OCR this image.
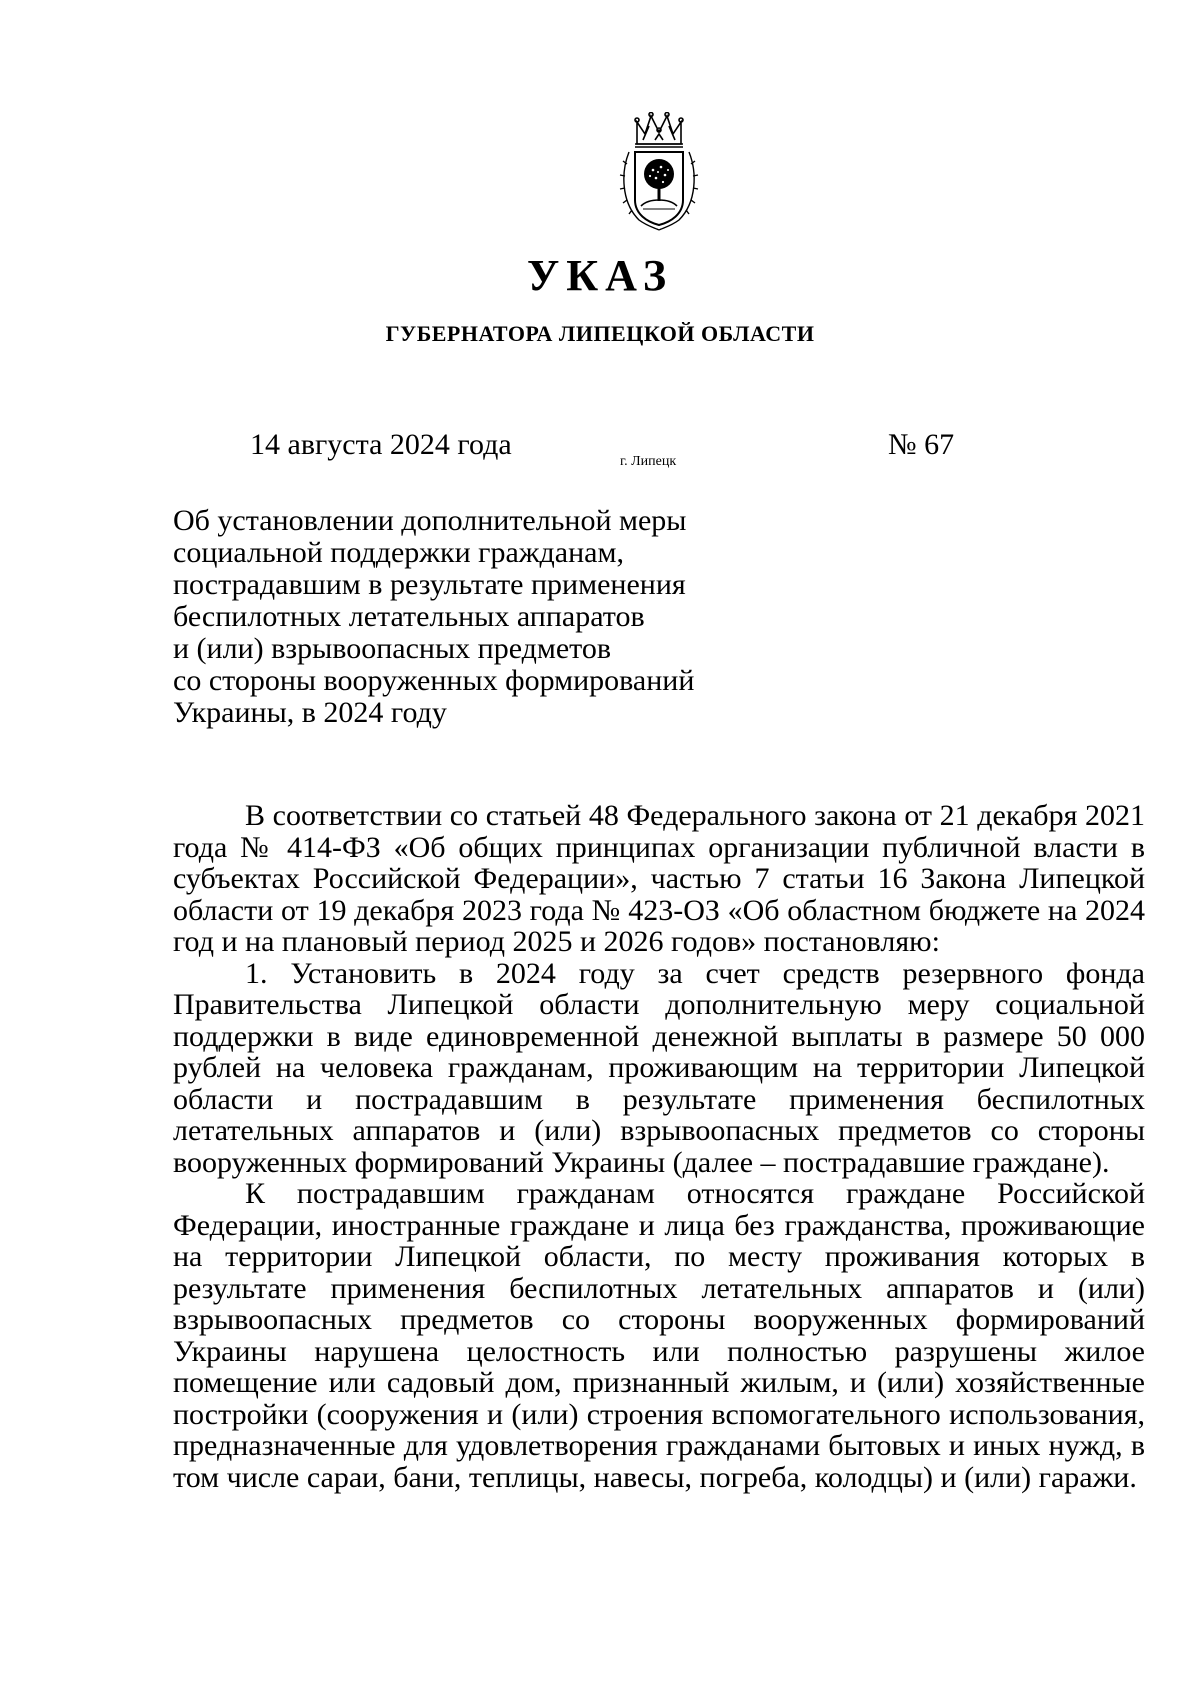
УКАЗ
ГУБЕРНАТОРА ЛИПЕЦКОЙ ОБЛАСТИ
14 августа 2024 года
г. Липецк
№ 67
Об установлении дополнительной меры
социальной поддержки гражданам,
пострадавшим в результате применения
беспилотных летательных аппаратов
и (или) взрывоопасных предметов
со стороны вооруженных формирований
Украины, в 2024 году

В соответствии со статьей 48 Федерального закона от 21 декабря 2021 года № 414-ФЗ «Об общих принципах организации публичной власти в субъектах Российской Федерации», частью 7 статьи 16 Закона Липецкой области от 19 декабря 2023 года № 423-ОЗ «Об областном бюджете на 2024 год и на плановый период 2025 и 2026 годов» постановляю:

1. Установить в 2024 году за счет средств резервного фонда Правительства Липецкой области дополнительную меру социальной поддержки в виде единовременной денежной выплаты в размере 50 000 рублей на человека гражданам, проживающим на территории Липецкой области и пострадавшим в результате применения беспилотных летательных аппаратов и (или) взрывоопасных предметов со стороны вооруженных формирований Украины (далее – пострадавшие граждане).

К пострадавшим гражданам относятся граждане Российской Федерации, иностранные граждане и лица без гражданства, проживающие на территории Липецкой области, по месту проживания которых в результате применения беспилотных летательных аппаратов и (или) взрывоопасных предметов со стороны вооруженных формирований Украины нарушена целостность или полностью разрушены жилое помещение или садовый дом, признанный жилым, и (или) хозяйственные постройки (сооружения и (или) строения вспомогательного использования, предназначенные для удовлетворения гражданами бытовых и иных нужд, в том числе сараи, бани, теплицы, навесы, погреба, колодцы) и (или) гаражи.
